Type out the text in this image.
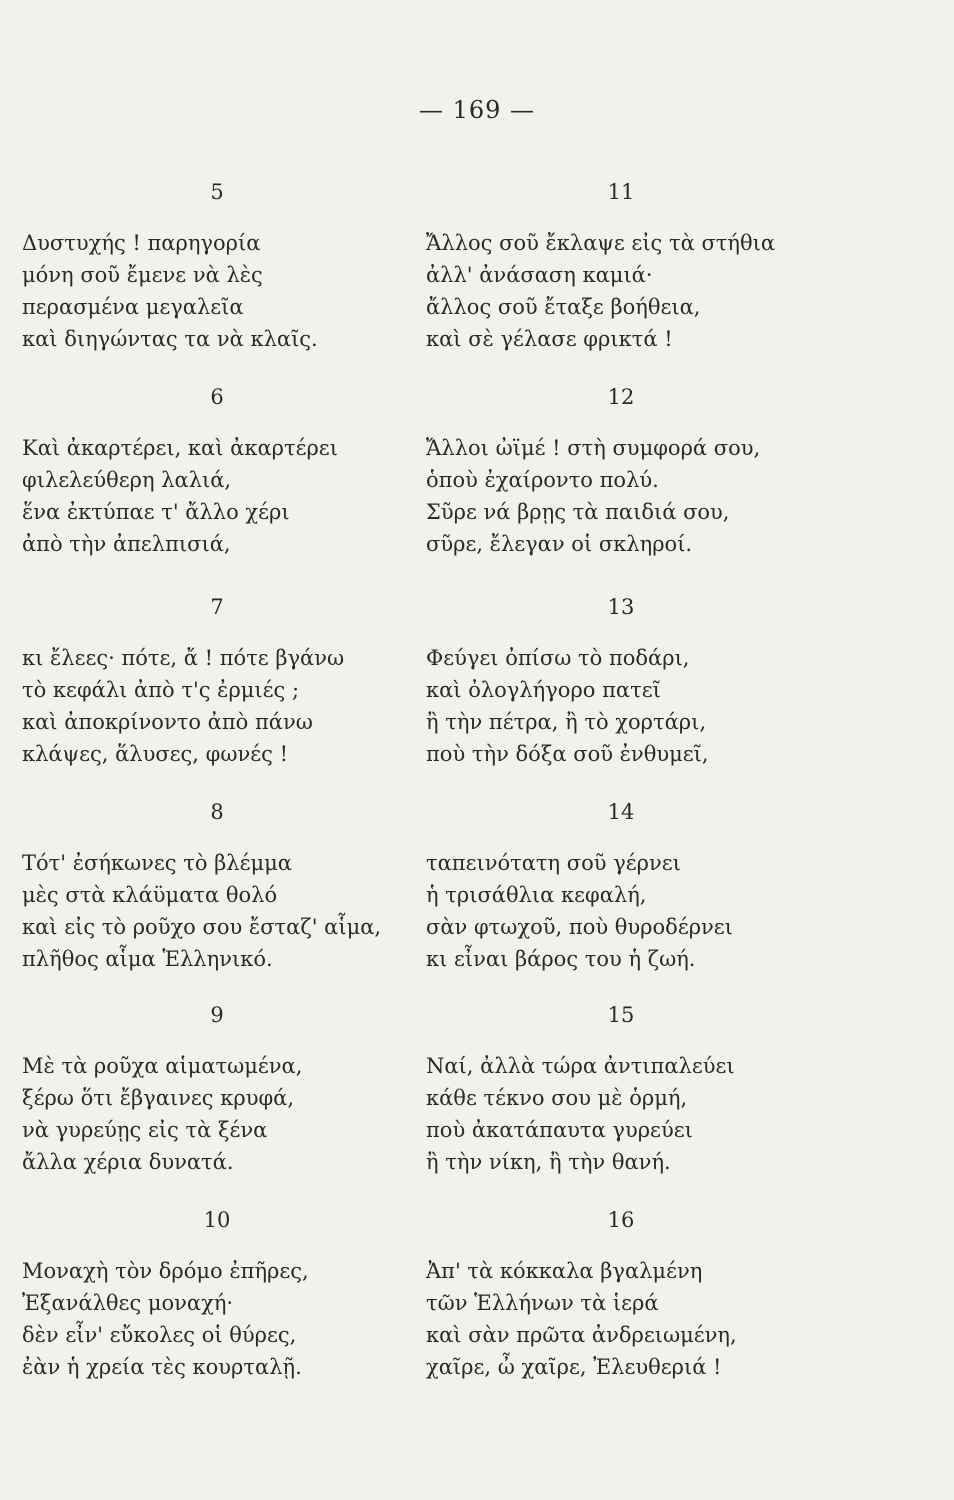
— 169 —
5
Δυστυχής ! παρηγορία
μόνη σοῦ ἔμενε νὰ λὲς
περασμένα μεγαλεῖα
καὶ διηγώντας τα νὰ κλαῖς.
6
Καὶ ἀκαρτέρει, καὶ ἀκαρτέρει
φιλελεύθερη λαλιά,
ἕνα ἐκτύπαε τ' ἄλλο χέρι
ἀπὸ τὴν ἀπελπισιά,
7
κι ἔλεες· πότε, ἄ ! πότε βγάνω
τὸ κεφάλι ἀπὸ τ'ς ἐρμιές ;
καὶ ἀποκρίνοντο ἀπὸ πάνω
κλάψες, ἅλυσες, φωνές !
8
Τότ' ἐσήκωνες τὸ βλέμμα
μὲς στὰ κλάϋματα θολό
καὶ εἰς τὸ ροῦχο σου ἔσταζ' αἷμα,
πλῆθος αἷμα Ἑλληνικό.
9
Μὲ τὰ ροῦχα αἱματωμένα,
ξέρω ὅτι ἔβγαινες κρυφά,
νὰ γυρεύῃς εἰς τὰ ξένα
ἄλλα χέρια δυνατά.
10
Μοναχὴ τὸν δρόμο ἐπῆρες,
Ἐξανάλθες μοναχή·
δὲν εἶν' εὔκολες οἱ θύρες,
ἐὰν ἡ χρεία τὲς κουρταλῇ.
11
Ἄλλος σοῦ ἔκλαψε εἰς τὰ στήθια
ἀλλ' ἀνάσαση καμιά·
ἄλλος σοῦ ἔταξε βοήθεια,
καὶ σὲ γέλασε φρικτά !
12
Ἄλλοι ὠϊμέ ! στὴ συμφορά σου,
ὁποὺ ἐχαίροντο πολύ.
Σῦρε νά βρῃς τὰ παιδιά σου,
σῦρε, ἔλεγαν οἱ σκληροί.
13
Φεύγει ὀπίσω τὸ ποδάρι,
καὶ ὀλογλήγορο πατεῖ
ἢ τὴν πέτρα, ἢ τὸ χορτάρι,
ποὺ τὴν δόξα σοῦ ἐνθυμεῖ,
14
ταπεινότατη σοῦ γέρνει
ἡ τρισάθλια κεφαλή,
σὰν φτωχοῦ, ποὺ θυροδέρνει
κι εἶναι βάρος του ἡ ζωή.
15
Ναί, ἀλλὰ τώρα ἀντιπαλεύει
κάθε τέκνο σου μὲ ὁρμή,
ποὺ ἀκατάπαυτα γυρεύει
ἢ τὴν νίκη, ἢ τὴν θανή.
16
Ἀπ' τὰ κόκκαλα βγαλμένη
τῶν Ἑλλήνων τὰ ἱερά
καὶ σὰν πρῶτα ἀνδρειωμένη,
χαῖρε, ὦ χαῖρε, Ἐλευθεριά !
